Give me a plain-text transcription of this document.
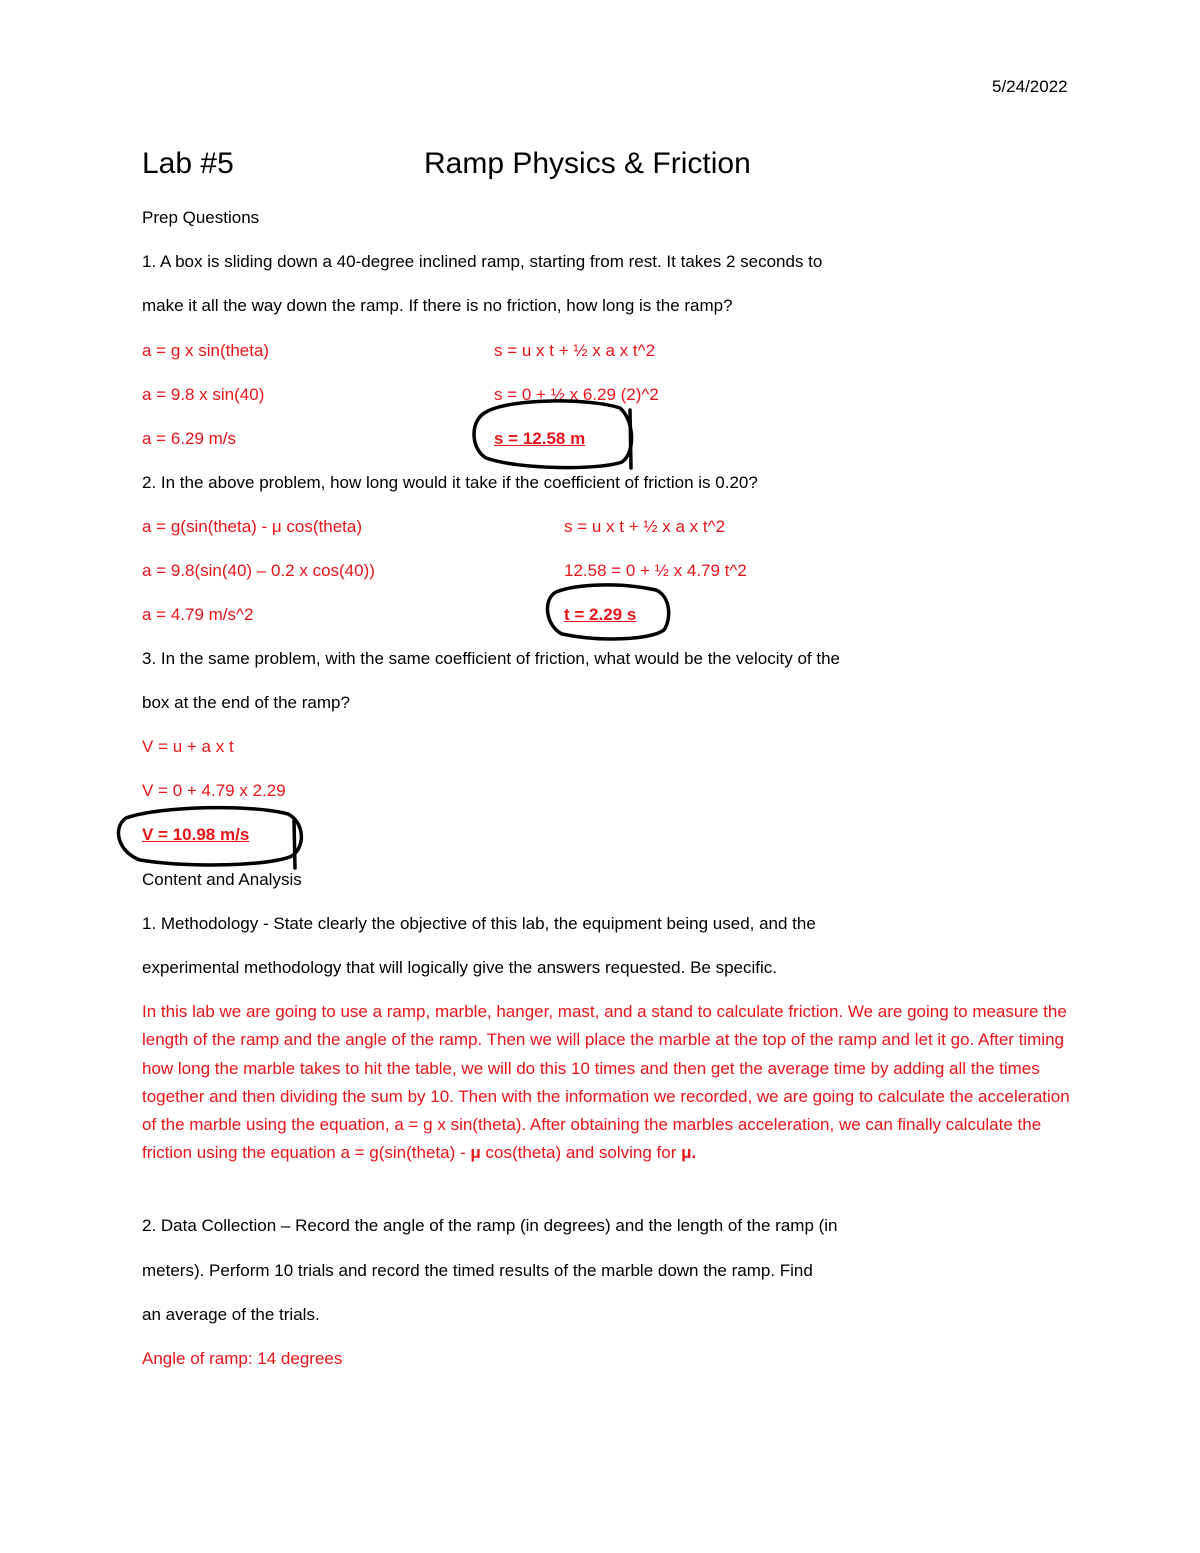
5/24/2022
Lab #5	Ramp Physics & Friction
Prep Questions
1. A box is sliding down a 40-degree inclined ramp, starting from rest. It takes 2 seconds to
make it all the way down the ramp. If there is no friction, how long is the ramp?
a = g x sin(theta)
a = 9.8 x sin(40)
a = 6.29 m/s
s = u x t + ½ x a x t^2
s = 0 + ½ x 6.29 (2)^2
s = 12.58 m
2. In the above problem, how long would it take if the coefficient of friction is 0.20?
a = g(sin(theta) - μ cos(theta)
a = 9.8(sin(40) – 0.2 x cos(40))
a = 4.79 m/s^2
s = u x t + ½ x a x t^2
12.58 = 0 + ½ x 4.79 t^2
t = 2.29 s
3. In the same problem, with the same coefficient of friction, what would be the velocity of the
box at the end of the ramp?
V = u + a x t
V = 0 + 4.79 x 2.29
V = 10.98 m/s
Content and Analysis
1. Methodology - State clearly the objective of this lab, the equipment being used, and the
experimental methodology that will logically give the answers requested. Be specific.
In this lab we are going to use a ramp, marble, hanger, mast, and a stand to calculate friction. We are going to measure the length of the ramp and the angle of the ramp. Then we will place the marble at the top of the ramp and let it go. After timing how long the marble takes to hit the table, we will do this 10 times and then get the average time by adding all the times together and then dividing the sum by 10. Then with the information we recorded, we are going to calculate the acceleration of the marble using the equation, a = g x sin(theta). After obtaining the marbles acceleration, we can finally calculate the friction using the equation a = g(sin(theta) - μ cos(theta) and solving for μ.
2. Data Collection – Record the angle of the ramp (in degrees) and the length of the ramp (in
meters). Perform 10 trials and record the timed results of the marble down the ramp. Find
an average of the trials.
Angle of ramp: 14 degrees
